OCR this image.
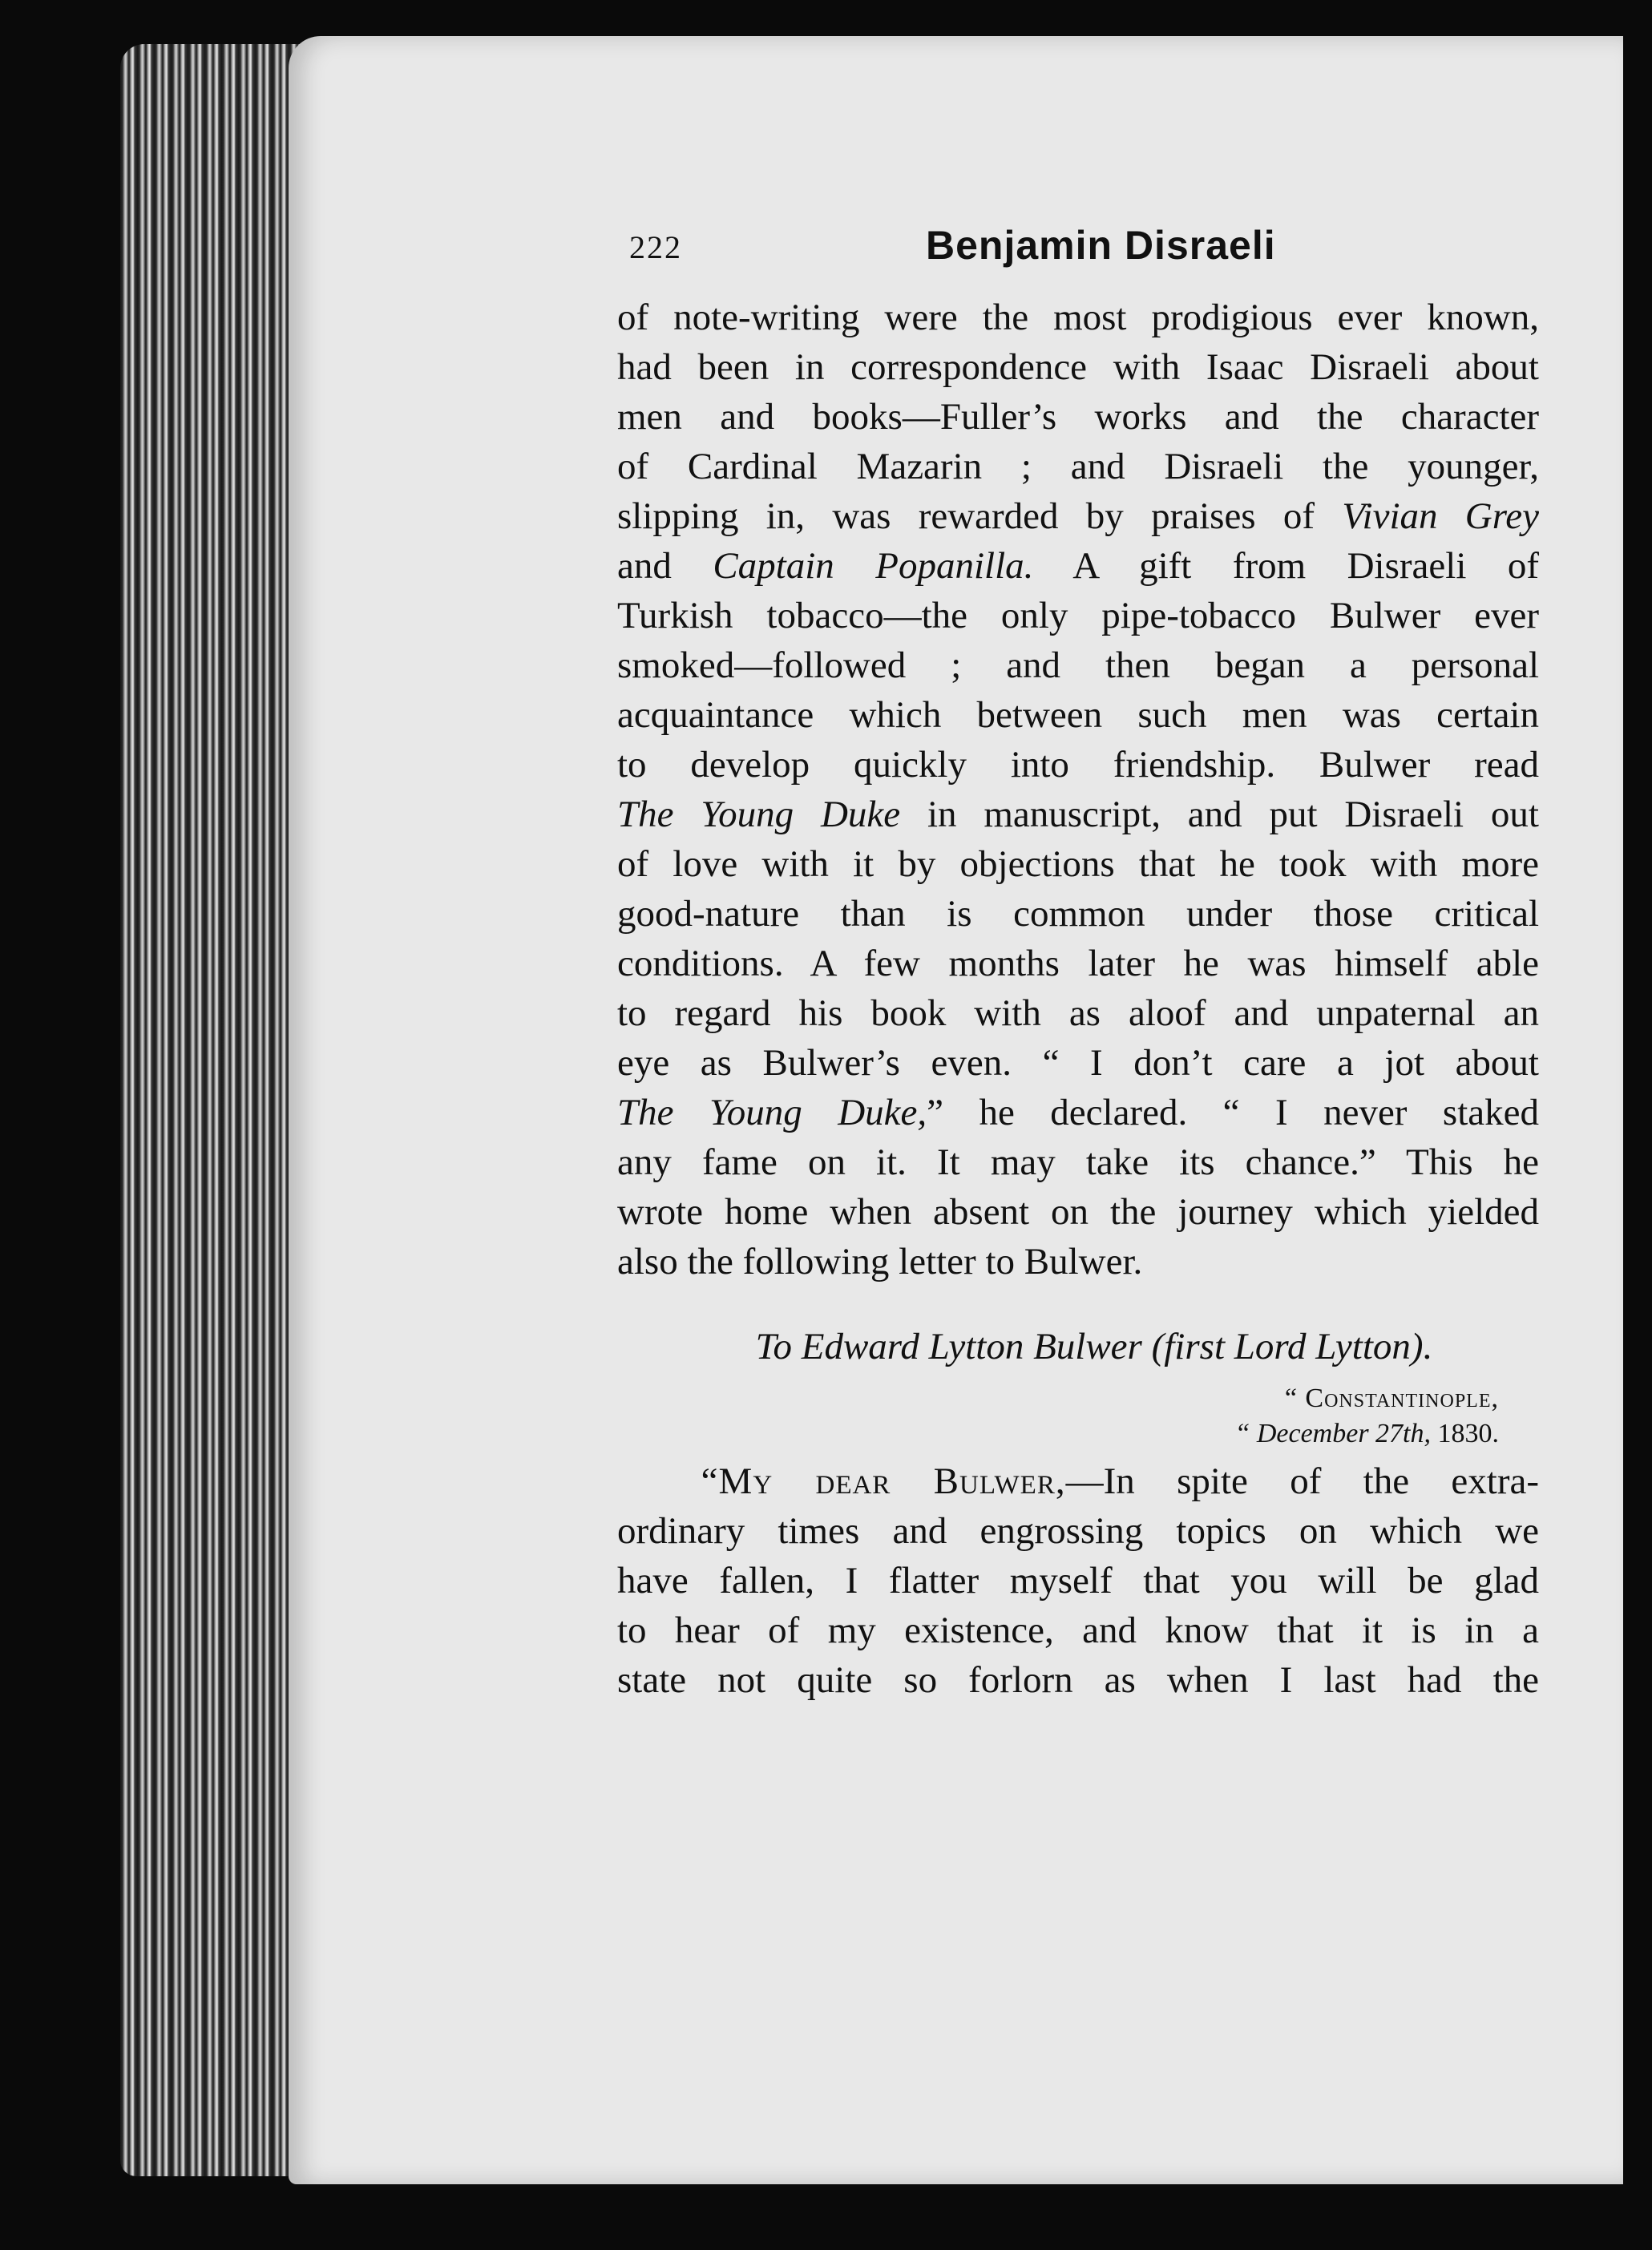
222	Benjamin Disraeli
of note-writing were the most prodigious ever known,
had been in correspondence with Isaac Disraeli about
men and books—Fuller’s works and the character
of Cardinal Mazarin ; and Disraeli the younger,
slipping in, was rewarded by praises of Vivian Grey
and Captain Popanilla. A gift from Disraeli of
Turkish tobacco—the only pipe-tobacco Bulwer ever
smoked—followed ; and then began a personal
acquaintance which between such men was certain
to develop quickly into friendship. Bulwer read
The Young Duke in manuscript, and put Disraeli out
of love with it by objections that he took with more
good-nature than is common under those critical
conditions. A few months later he was himself able
to regard his book with as aloof and unpaternal an
eye as Bulwer’s even. “ I don’t care a jot about
The Young Duke,” he declared. “ I never staked
any fame on it. It may take its chance.” This he
wrote home when absent on the journey which yielded
also the following letter to Bulwer.
To Edward Lytton Bulwer (first Lord Lytton).
“ Constantinople,
“ December 27th, 1830.
“My dear Bulwer,—In spite of the extra-
ordinary times and engrossing topics on which we
have fallen, I flatter myself that you will be glad
to hear of my existence, and know that it is in a
state not quite so forlorn as when I last had the
